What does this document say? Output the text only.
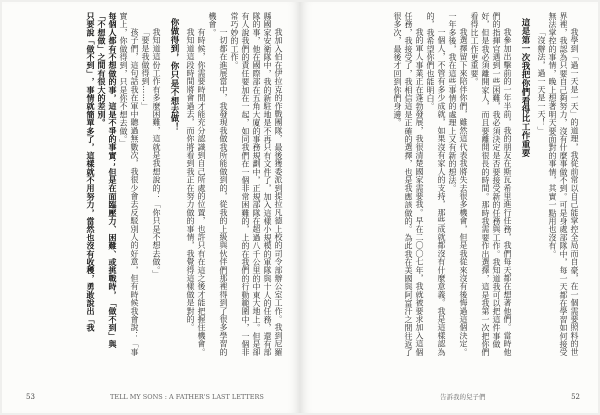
我加入伯在伊拉克的作戰團隊，最後獲委派到提拉凡德上校的司令部辦公室工作。我到尼羅縣國家安衛隊中，我的新駐地是不再只有文件了，加入這樣小規模的軍隊與十人的任務，還有部隊的事，他在國際部在五角大廈的事務規劃中，正規部隊在超過八千公里的中東大地上。但是卻有人說我們的責任要加在一起，如同我們在一個非常困難的，上的在我們的行動範圍中，一個非常巧妙的工作。

一切都在進展當中，我發現我做我所能做到的，從我的上級與伙伴們那裡得到了很多學習的機會。

有時候，你需要時間才能充分認識到自己所處的位置，也許只有在這之後才能把握住機會。

我知道這段時間將會過去，而你將看到我正在努力做的事情，我覺得這樣做是對的。

你做得到，你只是不想去做！

我知道這份工作有多麼困難，這就是我想說的：「你只是不想去做。」

「要是我做得到……」

孩子們，這句話我在軍中聽過無數次，我很少會去反駁別人的好意，但有時候我會說：「事實上，你做得到，只是你不想去做。」

每個人都有不想做的事，這是不爭的事實；但是在面臨壓力、困難、或挑戰時，「做不到」與「不想做」之間有很大的差別。

只要說「做不到」，事情就簡單多了，這樣就不用努力，當然也沒有收穫，勇敢說出「我

53	TELL MY SONS : A FATHER'S LAST LETTERS

我學到「過一天是一天」的道理，我從前常以自己能掌控全局而自豪，在一個需要照料的世界裡，我認為只要自己夠努力，沒有什麼事做不到。可是身處部隊中，每一天都在學習如何接受無法掌控的事情，晚上想著明天要面對的事情，其實一點用也沒有。

「沒辦法，過一天是一天！」

這是第一次我把你們看得比工作重要

我參加出擊前的一年半前，我的朋友在斯瓦希里進行任務，我們每天都在想著他們。當時他們的指揮官遇到一些困難，我必須決定是否要接受新的任務與工作。我知道我可以把這件事做好，但是我必須離開家人，而且要離開很長的時間。那時我需要作出選擇，這是我第一次把你們看得比工作更重要。

我選擇留下來陪伴你們，雖然這代表我將失去很多機會，但是我從來沒有後悔過這個決定。一年多後，我在這些事情的處理上又有新的想法。

一個人，不管有多少成就，如果沒有家人的支持，那些成就都沒有什麼意義。我是這樣認為的，我希望你們也能明白。

我的軍人事業正在蓬勃發展，我很清楚國家需要我。早在二〇〇七年，我就被要求加入這個任務，我接受了，我相信這是正確的選擇，也是我應該做的。為此我在美國與阿富汗之間往返了很多次，最後才回到你們身邊。

告訴我的兒子們	52
